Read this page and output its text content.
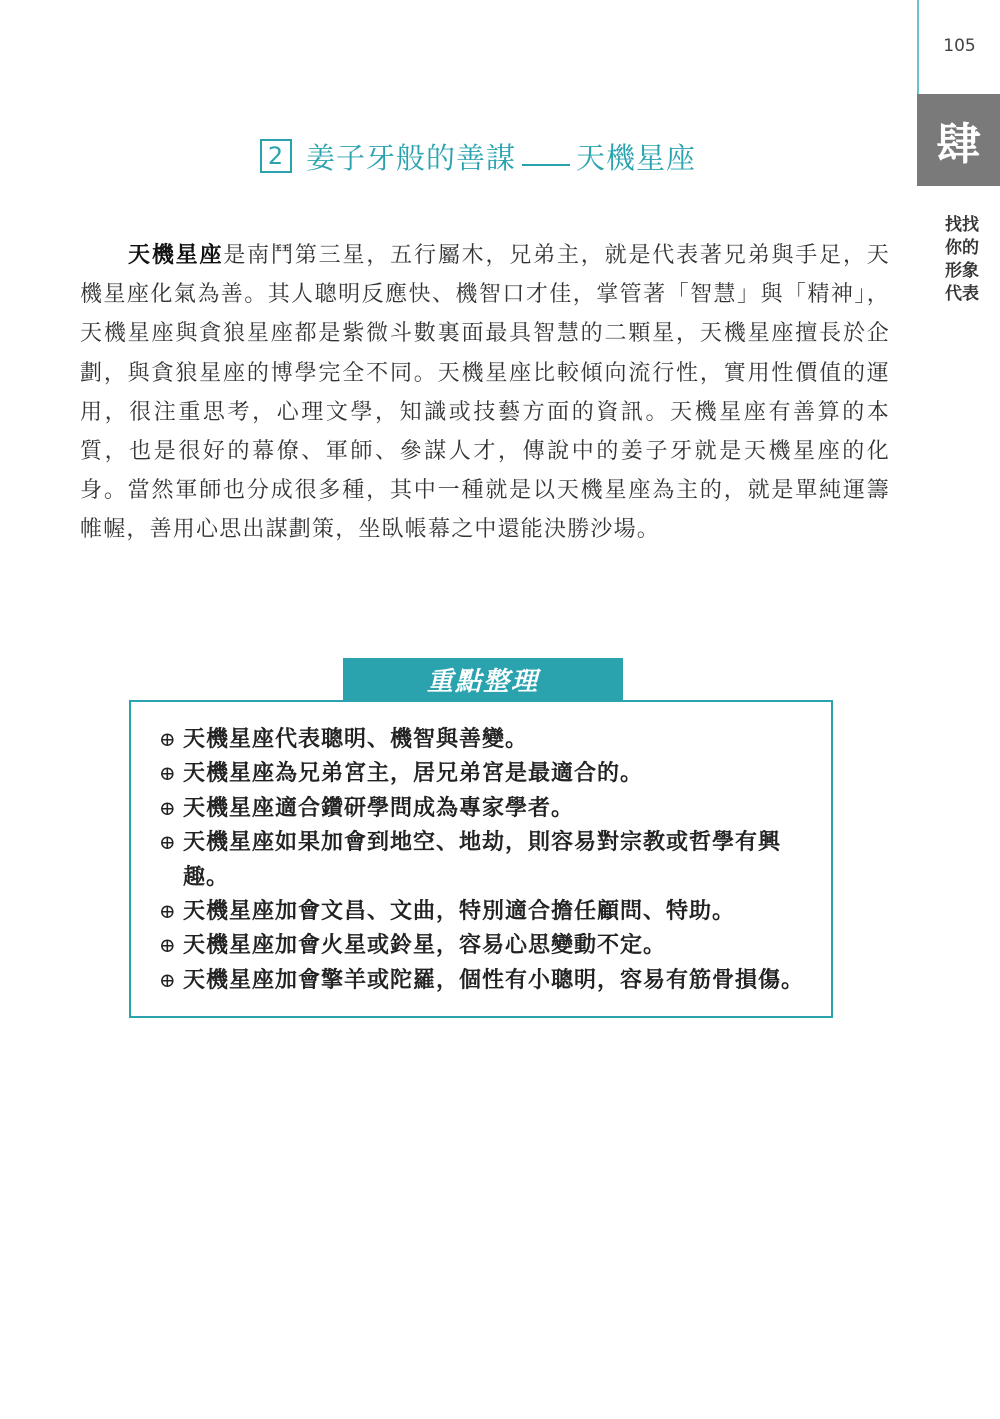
105
肆
找找你的形象代表
2 姜子牙般的善謀 天機星座

天機星座是南鬥第三星，五行屬木，兄弟主，就是代表著兄弟與手足，天機星座化氣為善。其人聰明反應快、機智口才佳，掌管著「智慧」與「精神」，天機星座與貪狼星座都是紫微斗數裏面最具智慧的二顆星，天機星座擅長於企劃，與貪狼星座的博學完全不同。天機星座比較傾向流行性，實用性價值的運用，很注重思考，心理文學，知識或技藝方面的資訊。天機星座有善算的本質，也是很好的幕僚、軍師、參謀人才，傳說中的姜子牙就是天機星座的化身。當然軍師也分成很多種，其中一種就是以天機星座為主的，就是單純運籌帷幄，善用心思出謀劃策，坐臥帳幕之中還能決勝沙場。

重點整理
⊕ 天機星座代表聰明、機智與善變。
⊕ 天機星座為兄弟宮主，居兄弟宮是最適合的。
⊕ 天機星座適合鑽研學問成為專家學者。
⊕ 天機星座如果加會到地空、地劫，則容易對宗教或哲學有興趣。
⊕ 天機星座加會文昌、文曲，特別適合擔任顧問、特助。
⊕ 天機星座加會火星或鈴星，容易心思變動不定。
⊕ 天機星座加會擎羊或陀羅，個性有小聰明，容易有筋骨損傷。
